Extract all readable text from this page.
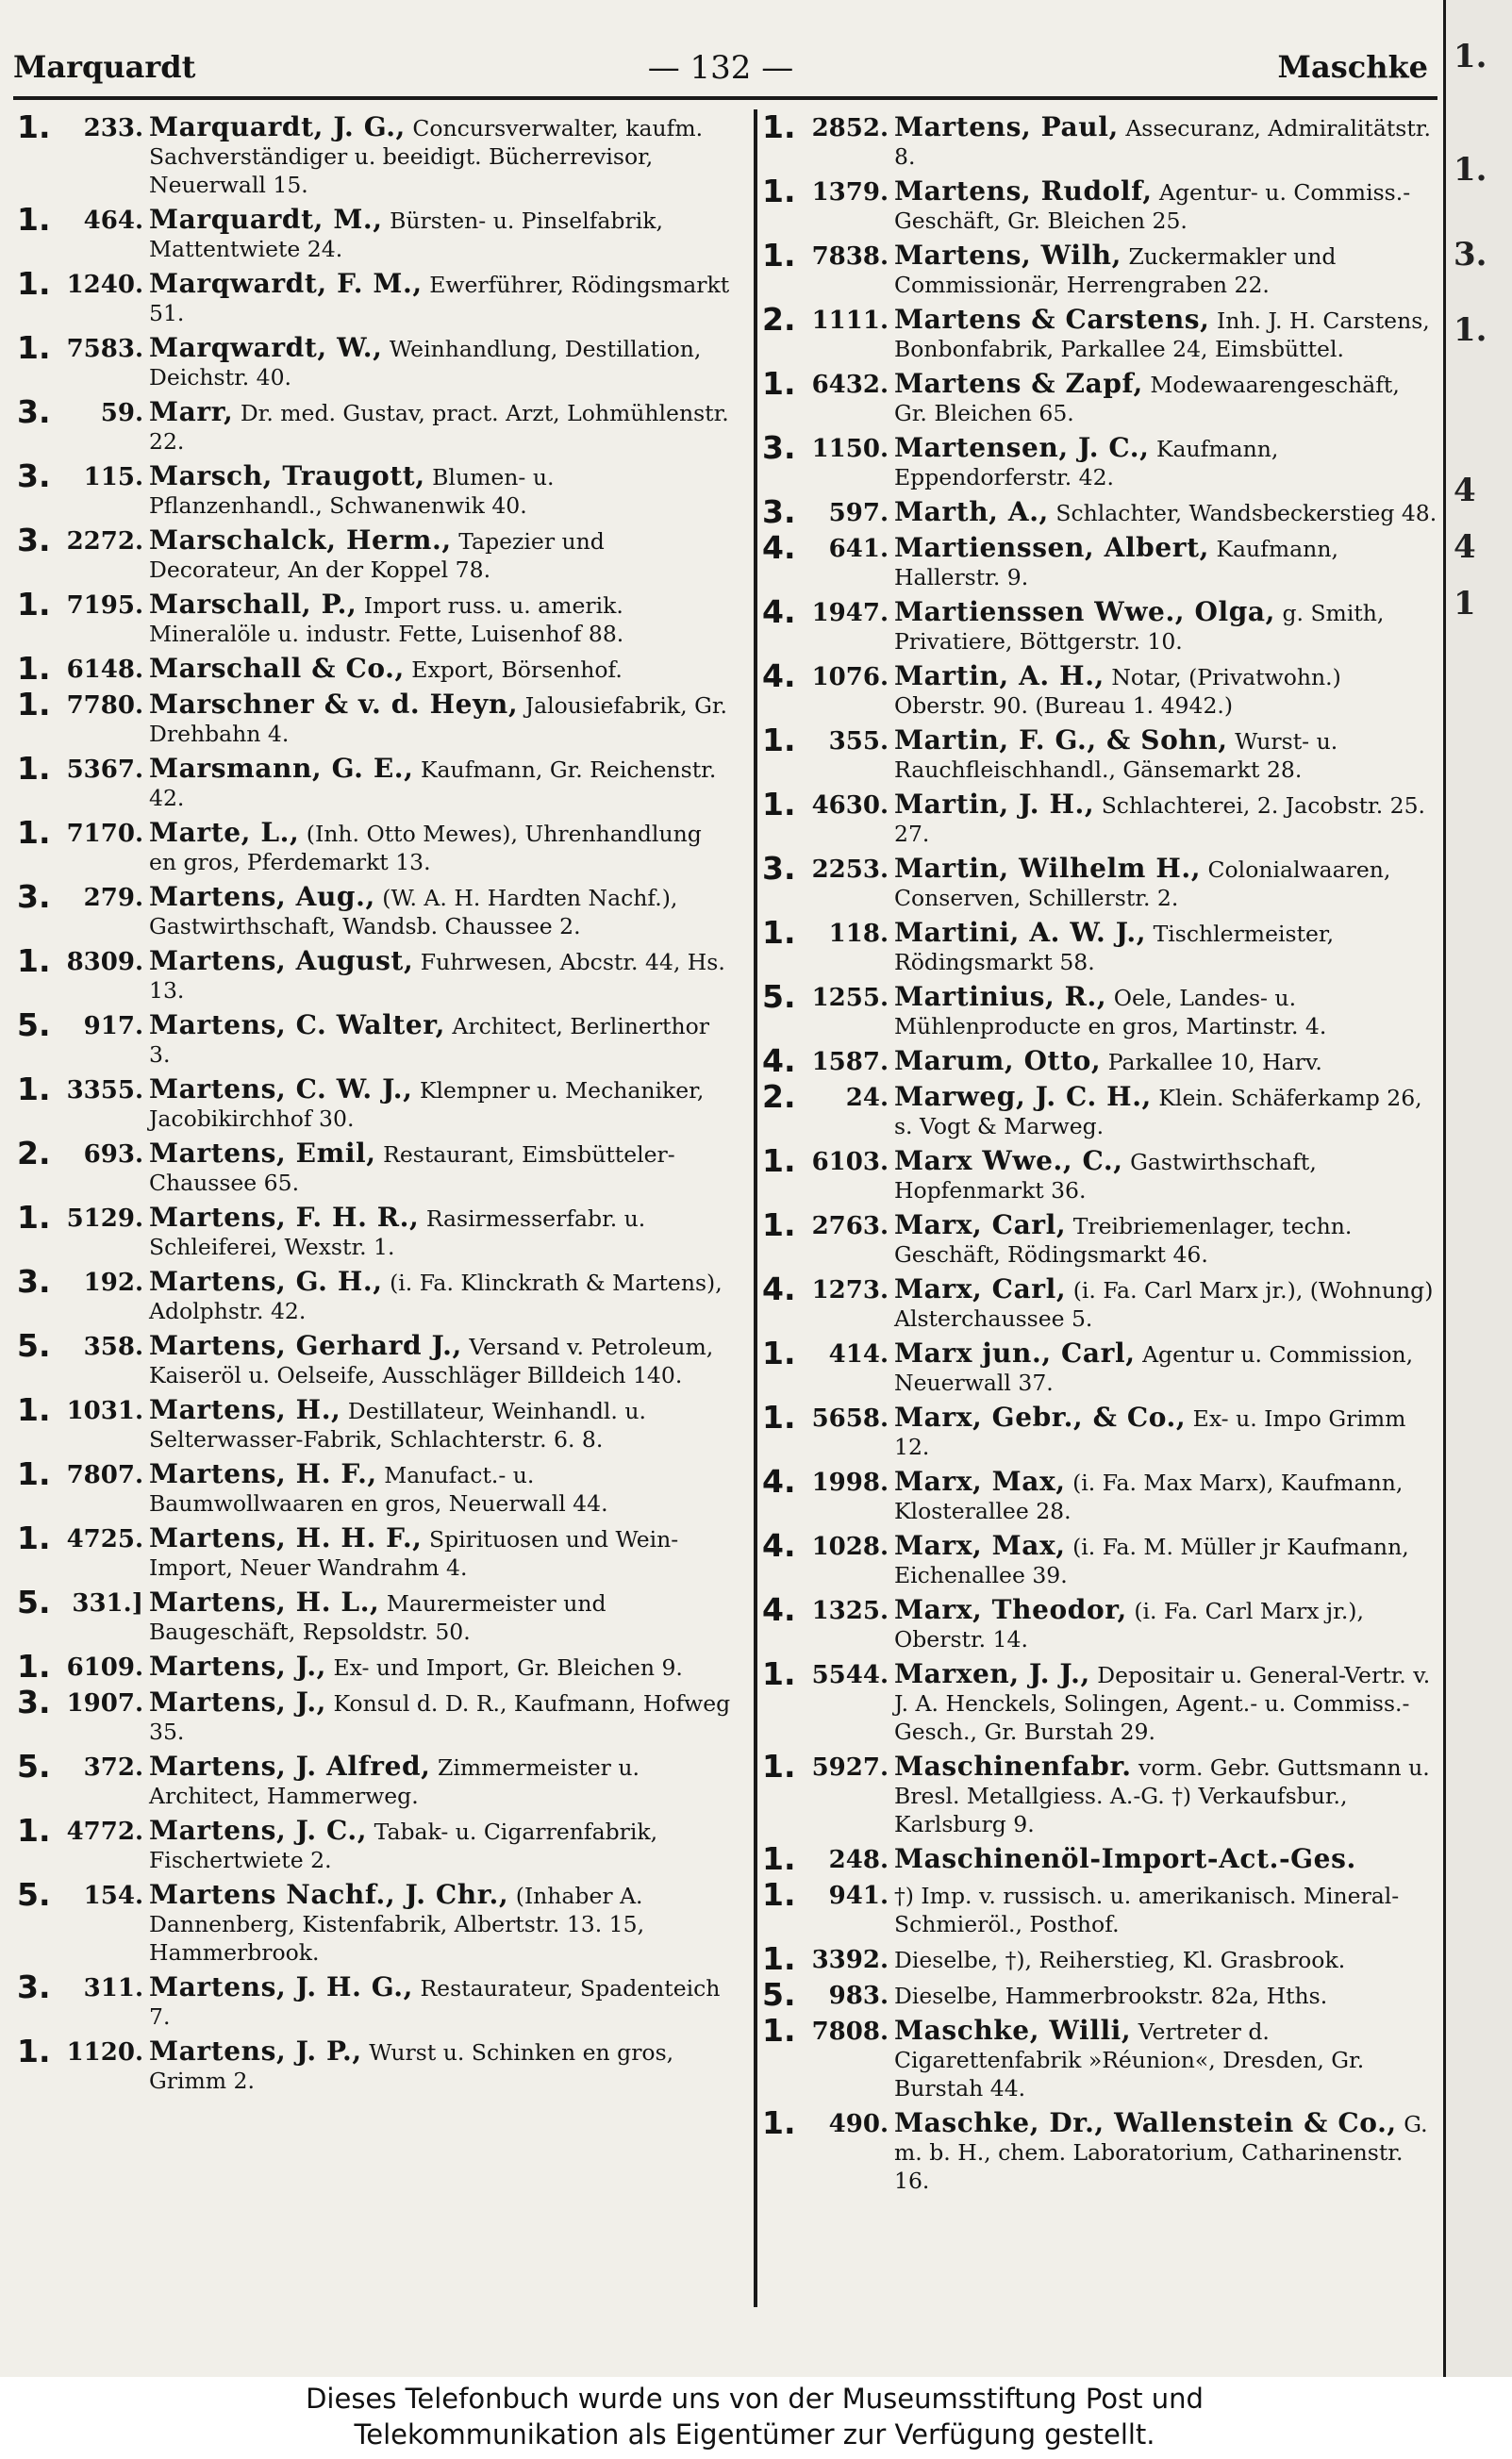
Marquardt	— 132 —	Maschke
1.	233. Marquardt, J. G., Concursverwalter, kaufm. Sachverständiger u. beeidigt. Bücherrevisor, Neuerwall 15.
1.	464. Marquardt, M., Bürsten- u. Pinselfabrik, Mattentwiete 24.
1. 1240. Marqwardt, F. M., Ewerführer, Rödingsmarkt 51.
1. 7583. Marqwardt, W., Weinhandlung, Destillation, Deichstr. 40.
3.	59. Marr, Dr. med. Gustav, pract. Arzt, Lohmühlenstr. 22.
3.	115. Marsch, Traugott, Blumen- u. Pflanzenhandl., Schwanenwik 40.
3. 2272. Marschalck, Herm., Tapezier und Decorateur, An der Koppel 78.
1. 7195. Marschall, P., Import russ. u. amerik. Mineralöle u. industr. Fette, Luisenhof 88.
1. 6148. Marschall & Co., Export, Börsenhof.
1. 7780. Marschner & v. d. Heyn, Jalousiefabrik, Gr. Drehbahn 4.
1. 5367. Marsmann, G. E., Kaufmann, Gr. Reichenstr. 42.
1. 7170. Marte, L., (Inh. Otto Mewes), Uhrenhandlung en gros, Pferdemarkt 13.
3.	279. Martens, Aug., (W. A. H. Hardten Nachf.), Gastwirthschaft, Wandsb. Chaussee 2.
1. 8309. Martens, August, Fuhrwesen, Abcstr. 44, Hs. 13.
5.	917. Martens, C. Walter, Architect, Berlinerthor 3.
1. 3355. Martens, C. W. J., Klempner u. Mechaniker, Jacobikirchhof 30.
2.	693. Martens, Emil, Restaurant, Eimsbütteler-Chaussee 65.
1. 5129. Martens, F. H. R., Rasirmesserfabr. u. Schleiferei, Wexstr. 1.
3.	192. Martens, G. H., (i. Fa. Klinckrath & Martens), Adolphstr. 42.
5.	358. Martens, Gerhard J., Versand v. Petroleum, Kaiseröl u. Oelseife, Ausschläger Billdeich 140.
1. 1031. Martens, H., Destillateur, Weinhandl. u. Selterwasser-Fabrik, Schlachterstr. 6. 8.
1. 7807. Martens, H. F., Manufact.- u. Baumwollwaaren en gros, Neuerwall 44.
1. 4725. Martens, H. H. F., Spirituosen und Wein-Import, Neuer Wandrahm 4.
5. 331.] Martens, H. L., Maurermeister und Baugeschäft, Repsoldstr. 50.
1. 6109. Martens, J., Ex- und Import, Gr. Bleichen 9.
3. 1907. Martens, J., Konsul d. D. R., Kaufmann, Hofweg 35.
5.	372. Martens, J. Alfred, Zimmermeister u. Architect, Hammerweg.
1. 4772. Martens, J. C., Tabak- u. Cigarrenfabrik, Fischertwiete 2.
5.	154. Martens Nachf., J. Chr., (Inhaber A. Dannenberg, Kistenfabrik, Albertstr. 13. 15, Hammerbrook.
3.	311. Martens, J. H. G., Restaurateur, Spadenteich 7.
1. 1120. Martens, J. P., Wurst u. Schinken en gros, Grimm 2.
1. 2852. Martens, Paul, Assecuranz, Admiralitätstr. 8.
1. 1379. Martens, Rudolf, Agentur- u. Commiss.-Geschäft, Gr. Bleichen 25.
1. 7838. Martens, Wilh, Zuckermakler und Commissionär, Herrengraben 22.
2. 1111. Martens & Carstens, Inh. J. H. Carstens, Bonbonfabrik, Parkallee 24, Eimsbüttel.
1. 6432. Martens & Zapf, Modewaarengeschäft, Gr. Bleichen 65.
3. 1150. Martensen, J. C., Kaufmann, Eppendorferstr. 42.
3.	597. Marth, A., Schlachter, Wandsbeckerstieg 48.
4.	641. Martienssen, Albert, Kaufmann, Hallerstr. 9.
4. 1947. Martienssen Wwe., Olga, g. Smith, Privatiere, Böttgerstr. 10.
4. 1076. Martin, A. H., Notar, (Privatwohn.) Oberstr. 90. (Bureau 1. 4942.)
1.	355. Martin, F. G., & Sohn, Wurst- u. Rauchfleischhandl., Gänsemarkt 28.
1. 4630. Martin, J. H., Schlachterei, 2. Jacobstr. 25. 27.
3. 2253. Martin, Wilhelm H., Colonialwaaren, Conserven, Schillerstr. 2.
1.	118. Martini, A. W. J., Tischlermeister, Rödingsmarkt 58.
5. 1255. Martinius, R., Oele, Landes- u. Mühlenproducte en gros, Martinstr. 4.
4. 1587. Marum, Otto, Parkallee 10, Harv.
2.	24. Marweg, J. C. H., Klein. Schäferkamp 26, s. Vogt & Marweg.
1. 6103. Marx Wwe., C., Gastwirthschaft, Hopfenmarkt 36.
1. 2763. Marx, Carl, Treibriemenlager, techn. Geschäft, Rödingsmarkt 46.
4. 1273. Marx, Carl, (i. Fa. Carl Marx jr.), (Wohnung) Alsterchaussee 5.
1.	414. Marx jun., Carl, Agentur u. Commission, Neuerwall 37.
1. 5658. Marx, Gebr., & Co., Ex- u. Impo Grimm 12.
4. 1998. Marx, Max, (i. Fa. Max Marx), Kaufmann, Klosterallee 28.
4. 1028. Marx, Max, (i. Fa. M. Müller jr Kaufmann, Eichenallee 39.
4. 1325. Marx, Theodor, (i. Fa. Carl Marx jr.), Oberstr. 14.
1. 5544. Marxen, J. J., Depositair u. General-Vertr. v. J. A. Henckels, Solingen, Agent.- u. Commiss.-Gesch., Gr. Burstah 29.
1. 5927. Maschinenfabr. vorm. Gebr. Guttsmann u. Bresl. Metallgiess. A.-G. †) Verkaufsbur., Karlsburg 9.
1.	248. Maschinenöl-Import-Act.-Ges.
1.	941. †) Imp. v. russisch. u. amerikanisch. Mineral-Schmieröl., Posthof.
1. 3392. Dieselbe, †), Reiherstieg, Kl. Grasbrook.
5.	983. Dieselbe, Hammerbrookstr. 82a, Hths.
1. 7808. Maschke, Willi, Vertreter d. Cigarettenfabrik »Réunion«, Dresden, Gr. Burstah 44.
1.	490. Maschke, Dr., Wallenstein & Co., G. m. b. H., chem. Laboratorium, Catharinenstr. 16.
1.
1.
3.
1.
4
4
1
Dieses Telefonbuch wurde uns von der Museumsstiftung Post und
Telekommunikation als Eigentümer zur Verfügung gestellt.
